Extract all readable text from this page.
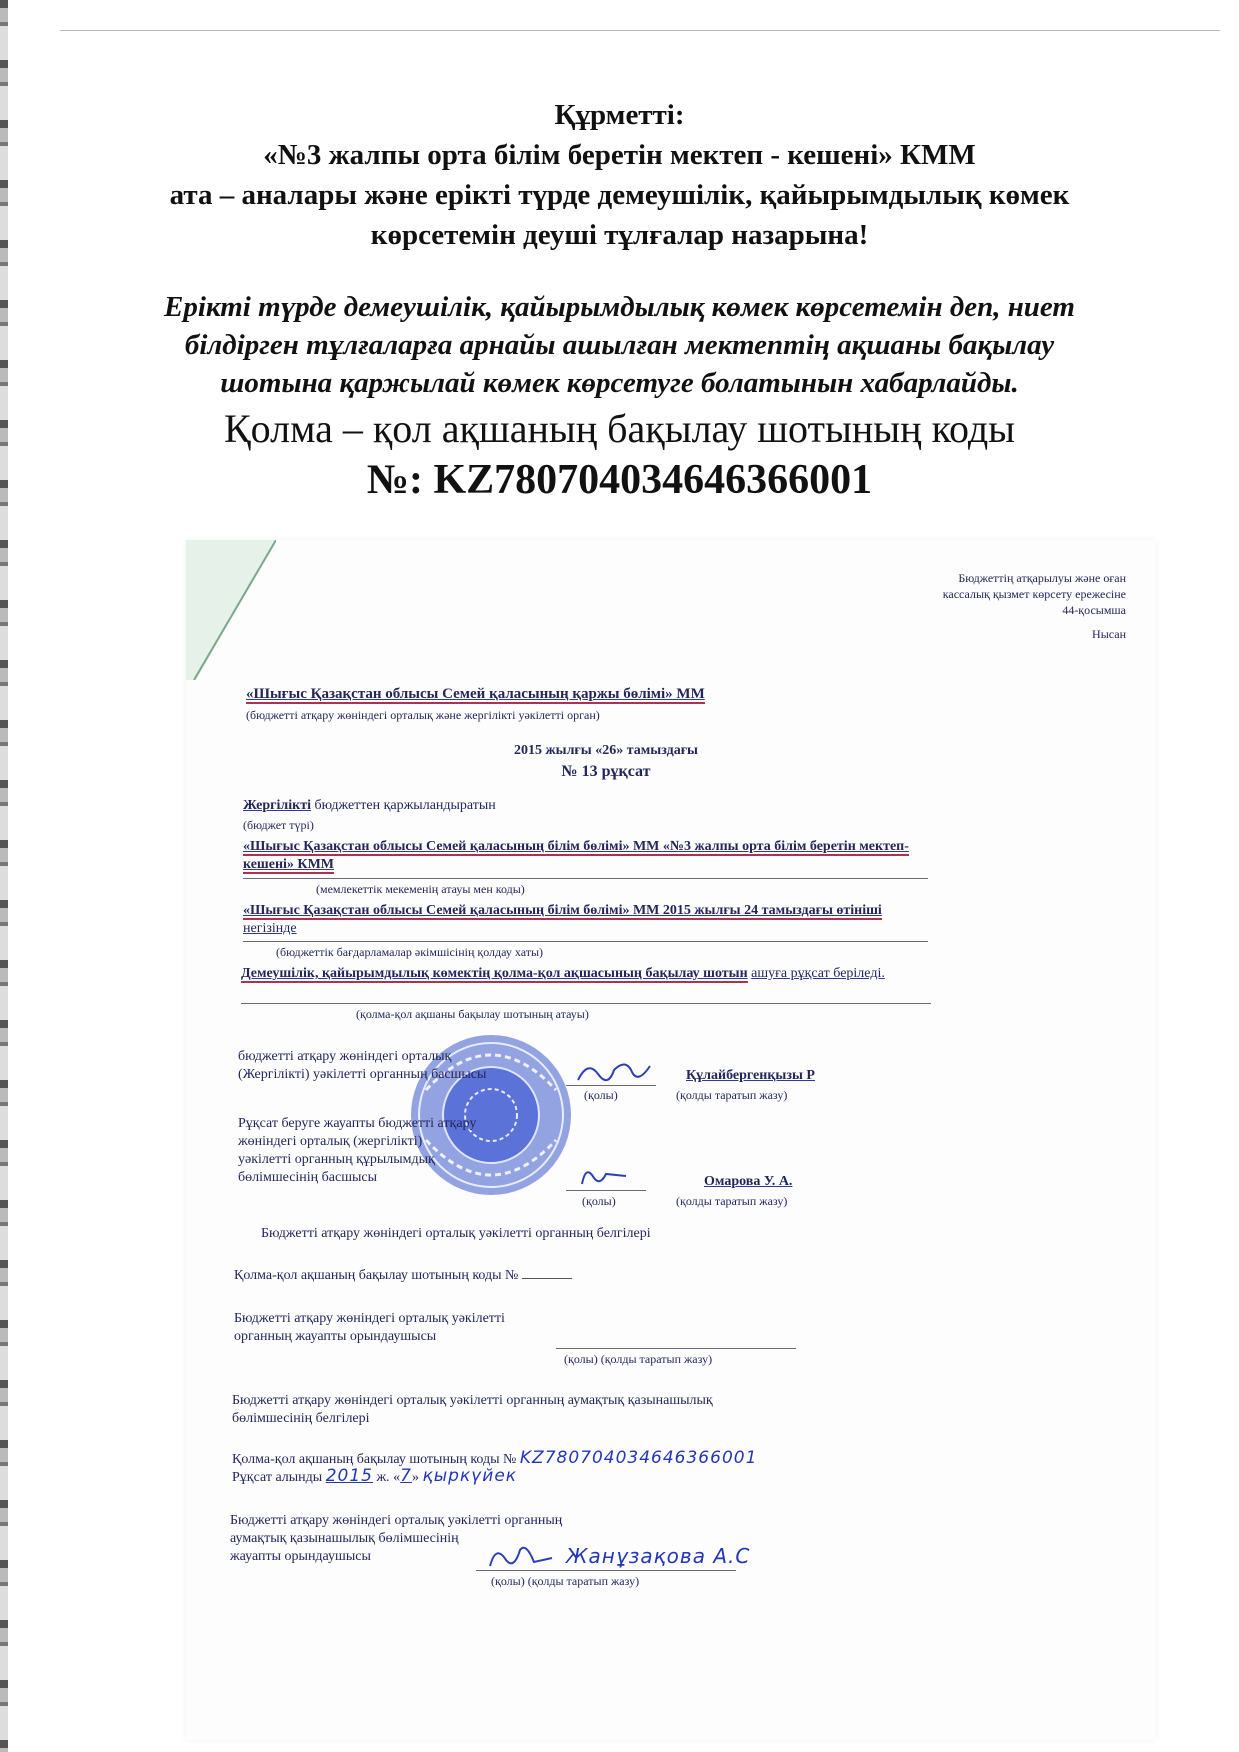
Құрметті:
«№3 жалпы орта білім беретін мектеп - кешені» КММ
ата – аналары және ерікті түрде демеушілік, қайырымдылық көмек
көрсетемін деуші тұлғалар назарына!
Ерікті түрде демеушілік, қайырымдылық көмек көрсетемін деп, ниет
білдірген тұлғаларға арнайы ашылған мектептің ақшаны бақылау
шотына қаржылай көмек көрсетуге болатынын хабарлайды.
Қолма – қол ақшаның бақылау шотының коды
№: KZ780704034646366001
Бюджеттің атқарылуы және оған
кассалық қызмет көрсету ережесіне
44-қосымша
Нысан
«Шығыс Қазақстан облысы Семей қаласының қаржы бөлімі» ММ
(бюджетті атқару жөніндегі орталық және жергілікті уәкілетті орган)
2015 жылғы «26» тамыздағы
№ 13 рұқсат
Жергілікті бюджеттен қаржыландыратын
(бюджет түрі)
«Шығыс Қазақстан облысы Семей қаласының білім бөлімі» ММ «№3 жалпы орта білім беретін мектеп-кешені» КММ
(мемлекеттік мекеменің атауы мен коды)
«Шығыс Қазақстан облысы Семей қаласының білім бөлімі» ММ 2015 жылғы 24 тамыздағы өтініші негізінде
(бюджеттік бағдарламалар әкімшісінің қолдау хаты)
Демеушілік, қайырымдылық көмектің қолма-қол ақшасының бақылау шотын ашуға рұқсат беріледі.
(қолма-қол ақшаны бақылау шотының атауы)
бюджетті атқару жөніндегі орталық
(Жергілікті) уәкілетті органның басшысы
(қолы)
Құлайбергенқызы Р
(қолды таратып жазу)
Рұқсат беруге жауапты бюджетті атқару
жөніндегі орталық (жергілікті)
уәкілетті органның құрылымдық
бөлімшесінің басшысы
(қолы)
Омарова У. А.
(қолды таратып жазу)
Бюджетті атқару жөніндегі орталық уәкілетті органның белгілері
Қолма-қол ақшаның бақылау шотының коды №
Бюджетті атқару жөніндегі орталық уәкілетті
органның жауапты орындаушысы
(қолы) (қолды таратып жазу)
Бюджетті атқару жөніндегі орталық уәкілетті органның аумақтық қазынашылық
бөлімшесінің белгілері
Қолма-қол ақшаның бақылау шотының коды № KZ780704034646366001
Рұқсат алынды 2015 ж. «7» қыркүйек
Бюджетті атқару жөніндегі орталық уәкілетті органның
аумақтық қазынашылық бөлімшесінің
жауапты орындаушысы	Жанұзақова А.С
(қолы) (қолды таратып жазу)
